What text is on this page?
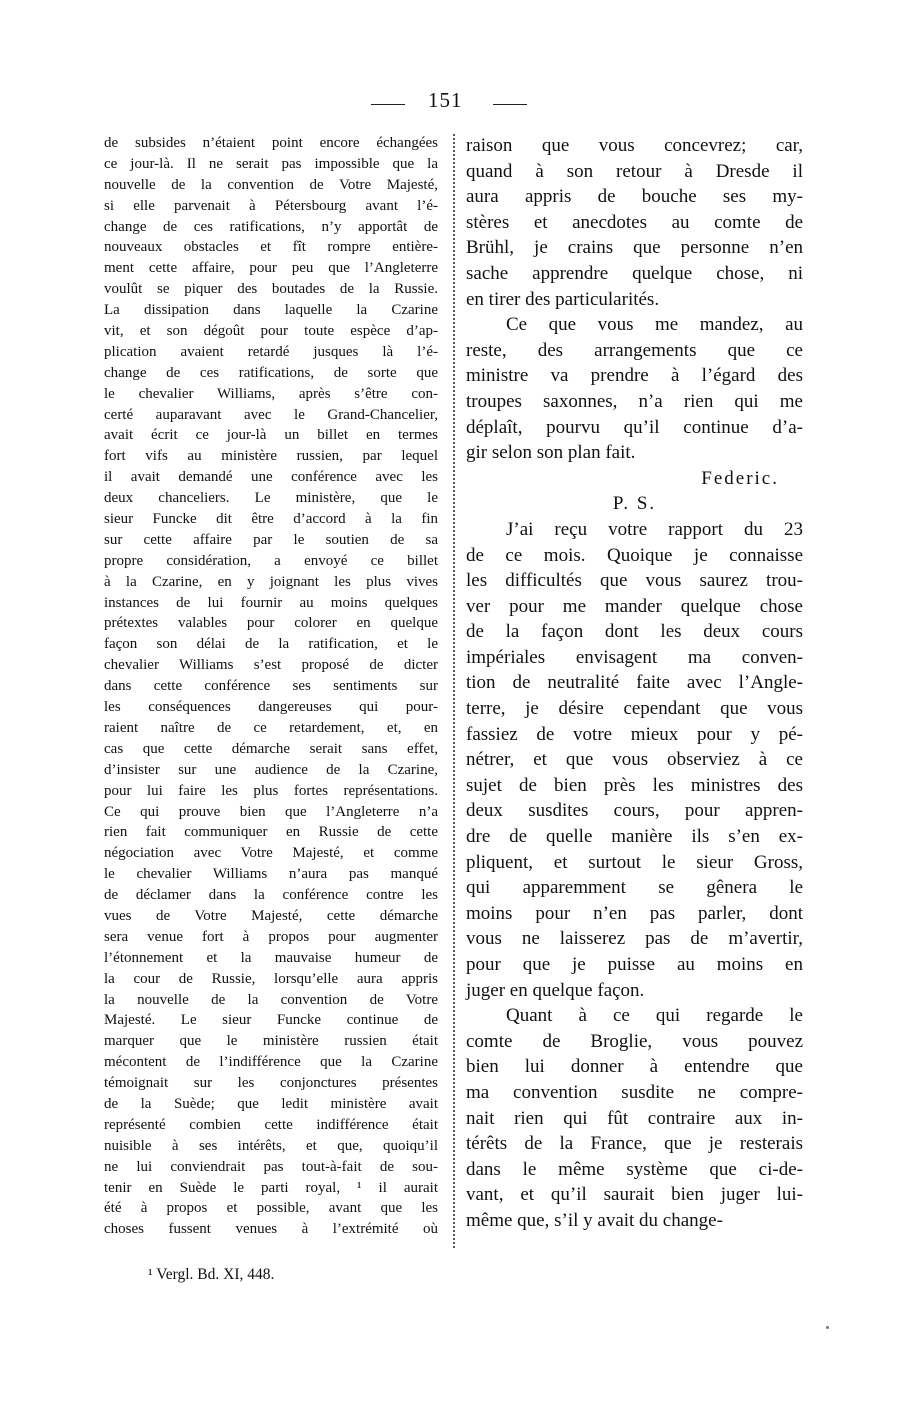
151
de subsides n’étaient point encore échangées
ce jour-là. Il ne serait pas impossible que la
nouvelle de la convention de Votre Majesté,
si elle parvenait à Pétersbourg avant l’é-
change de ces ratifications, n’y apportât de
nouveaux obstacles et fît rompre entière-
ment cette affaire, pour peu que l’Angleterre
voulût se piquer des boutades de la Russie.
La dissipation dans laquelle la Czarine
vit, et son dégoût pour toute espèce d’ap-
plication avaient retardé jusques là l’é-
change de ces ratifications, de sorte que
le chevalier Williams, après s’être con-
certé auparavant avec le Grand-Chancelier,
avait écrit ce jour-là un billet en termes
fort vifs au ministère russien, par lequel
il avait demandé une conférence avec les
deux chanceliers. Le ministère, que le
sieur Funcke dit être d’accord à la fin
sur cette affaire par le soutien de sa
propre considération, a envoyé ce billet
à la Czarine, en y joignant les plus vives
instances de lui fournir au moins quelques
prétextes valables pour colorer en quelque
façon son délai de la ratification, et le
chevalier Williams s’est proposé de dicter
dans cette conférence ses sentiments sur
les conséquences dangereuses qui pour-
raient naître de ce retardement, et, en
cas que cette démarche serait sans effet,
d’insister sur une audience de la Czarine,
pour lui faire les plus fortes représentations.
Ce qui prouve bien que l’Angleterre n’a
rien fait communiquer en Russie de cette
négociation avec Votre Majesté, et comme
le chevalier Williams n’aura pas manqué
de déclamer dans la conférence contre les
vues de Votre Majesté, cette démarche
sera venue fort à propos pour augmenter
l’étonnement et la mauvaise humeur de
la cour de Russie, lorsqu’elle aura appris
la nouvelle de la convention de Votre
Majesté. Le sieur Funcke continue de
marquer que le ministère russien était
mécontent de l’indifférence que la Czarine
témoignait sur les conjonctures présentes
de la Suède; que ledit ministère avait
représenté combien cette indifférence était
nuisible à ses intérêts, et que, quoiqu’il
ne lui conviendrait pas tout-à-fait de sou-
tenir en Suède le parti royal, ¹ il aurait
été à propos et possible, avant que les
choses fussent venues à l’extrémité où
raison que vous concevrez; car,
quand à son retour à Dresde il
aura appris de bouche ses my-
stères et anecdotes au comte de
Brühl, je crains que personne n’en
sache apprendre quelque chose, ni
en tirer des particularités.
Ce que vous me mandez, au
reste, des arrangements que ce
ministre va prendre à l’égard des
troupes saxonnes, n’a rien qui me
déplaît, pourvu qu’il continue d’a-
gir selon son plan fait.
Federic.
P. S.
J’ai reçu votre rapport du 23
de ce mois. Quoique je connaisse
les difficultés que vous saurez trou-
ver pour me mander quelque chose
de la façon dont les deux cours
impériales envisagent ma conven-
tion de neutralité faite avec l’Angle-
terre, je désire cependant que vous
fassiez de votre mieux pour y pé-
nétrer, et que vous observiez à ce
sujet de bien près les ministres des
deux susdites cours, pour appren-
dre de quelle manière ils s’en ex-
pliquent, et surtout le sieur Gross,
qui apparemment se gênera le
moins pour n’en pas parler, dont
vous ne laisserez pas de m’avertir,
pour que je puisse au moins en
juger en quelque façon.
Quant à ce qui regarde le
comte de Broglie, vous pouvez
bien lui donner à entendre que
ma convention susdite ne compre-
nait rien qui fût contraire aux in-
térêts de la France, que je resterais
dans le même système que ci-de-
vant, et qu’il saurait bien juger lui-
même que, s’il y avait du change-
¹ Vergl. Bd. XI, 448.
